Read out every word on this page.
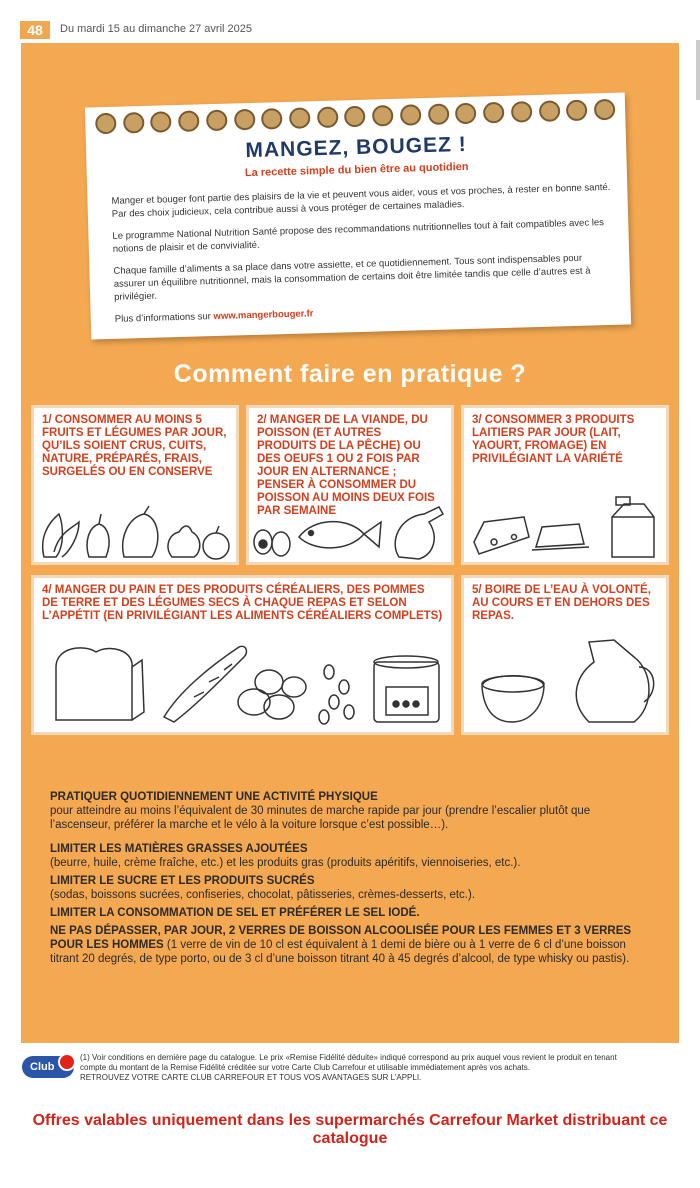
48	Du mardi 15 au dimanche 27 avril 2025
MANGEZ, BOUGEZ !
La recette simple du bien être au quotidien

Manger et bouger font partie des plaisirs de la vie et peuvent vous aider, vous et vos proches, à rester en bonne santé. Par des choix judicieux, cela contribue aussi à vous protéger de certaines maladies.

Le programme National Nutrition Santé propose des recommandations nutritionnelles tout à fait compatibles avec les notions de plaisir et de convivialité.

Chaque famille d’aliments a sa place dans votre assiette, et ce quotidiennement. Tous sont indispensables pour assurer un équilibre nutritionnel, mais la consommation de certains doit être limitée tandis que celle d’autres est à privilégier.

Plus d’informations sur www.mangerbouger.fr

Comment faire en pratique ?
1/ CONSOMMER AU MOINS 5 FRUITS ET LÉGUMES PAR JOUR, QU’ILS SOIENT CRUS, CUITS, NATURE, PRÉPARÉS, FRAIS, SURGELÉS OU EN CONSERVE
2/ MANGER DE LA VIANDE, DU POISSON (ET AUTRES PRODUITS DE LA PÊCHE) OU DES OEUFS 1 OU 2 FOIS PAR JOUR EN ALTERNANCE ; PENSER À CONSOMMER DU POISSON AU MOINS DEUX FOIS PAR SEMAINE
3/ CONSOMMER 3 PRODUITS LAITIERS PAR JOUR (LAIT, YAOURT, FROMAGE) EN PRIVILÉGIANT LA VARIÉTÉ
4/ MANGER DU PAIN ET DES PRODUITS CÉRÉALIERS, DES POMMES DE TERRE ET DES LÉGUMES SECS À CHAQUE REPAS ET SELON L’APPÉTIT (EN PRIVILÉGIANT LES ALIMENTS CÉRÉALIERS COMPLETS)
5/ BOIRE DE L’EAU À VOLONTÉ, AU COURS ET EN DEHORS DES REPAS.
PRATIQUER QUOTIDIENNEMENT UNE ACTIVITÉ PHYSIQUE
pour atteindre au moins l’équivalent de 30 minutes de marche rapide par jour (prendre l’escalier plutôt que l’ascenseur, préférer la marche et le vélo à la voiture lorsque c’est possible…).
LIMITER LES MATIÈRES GRASSES AJOUTÉES
(beurre, huile, crème fraîche, etc.) et les produits gras (produits apéritifs, viennoiseries, etc.).
LIMITER LE SUCRE ET LES PRODUITS SUCRÉS
(sodas, boissons sucrées, confiseries, chocolat, pâtisseries, crèmes-desserts, etc.).
LIMITER LA CONSOMMATION DE SEL ET PRÉFÉRER LE SEL IODÉ.
NE PAS DÉPASSER, PAR JOUR, 2 VERRES DE BOISSON ALCOOLISÉE POUR LES FEMMES ET 3 VERRES POUR LES HOMMES (1 verre de vin de 10 cl est équivalent à 1 demi de bière ou à 1 verre de 6 cl d’une boisson titrant 20 degrés, de type porto, ou de 3 cl d’une boisson titrant 40 à 45 degrés d’alcool, de type whisky ou pastis).
Club
(1) Voir conditions en dernière page du catalogue. Le prix «Remise Fidélité déduite» indiqué correspond au prix auquel vous revient le produit en tenant compte du montant de la Remise Fidélité créditée sur votre Carte Club Carrefour et utilisable immédiatement après vos achats.
RETROUVEZ VOTRE CARTE CLUB CARREFOUR ET TOUS VOS AVANTAGES SUR L’APPLI.
Offres valables uniquement dans les supermarchés Carrefour Market distribuant ce catalogue
